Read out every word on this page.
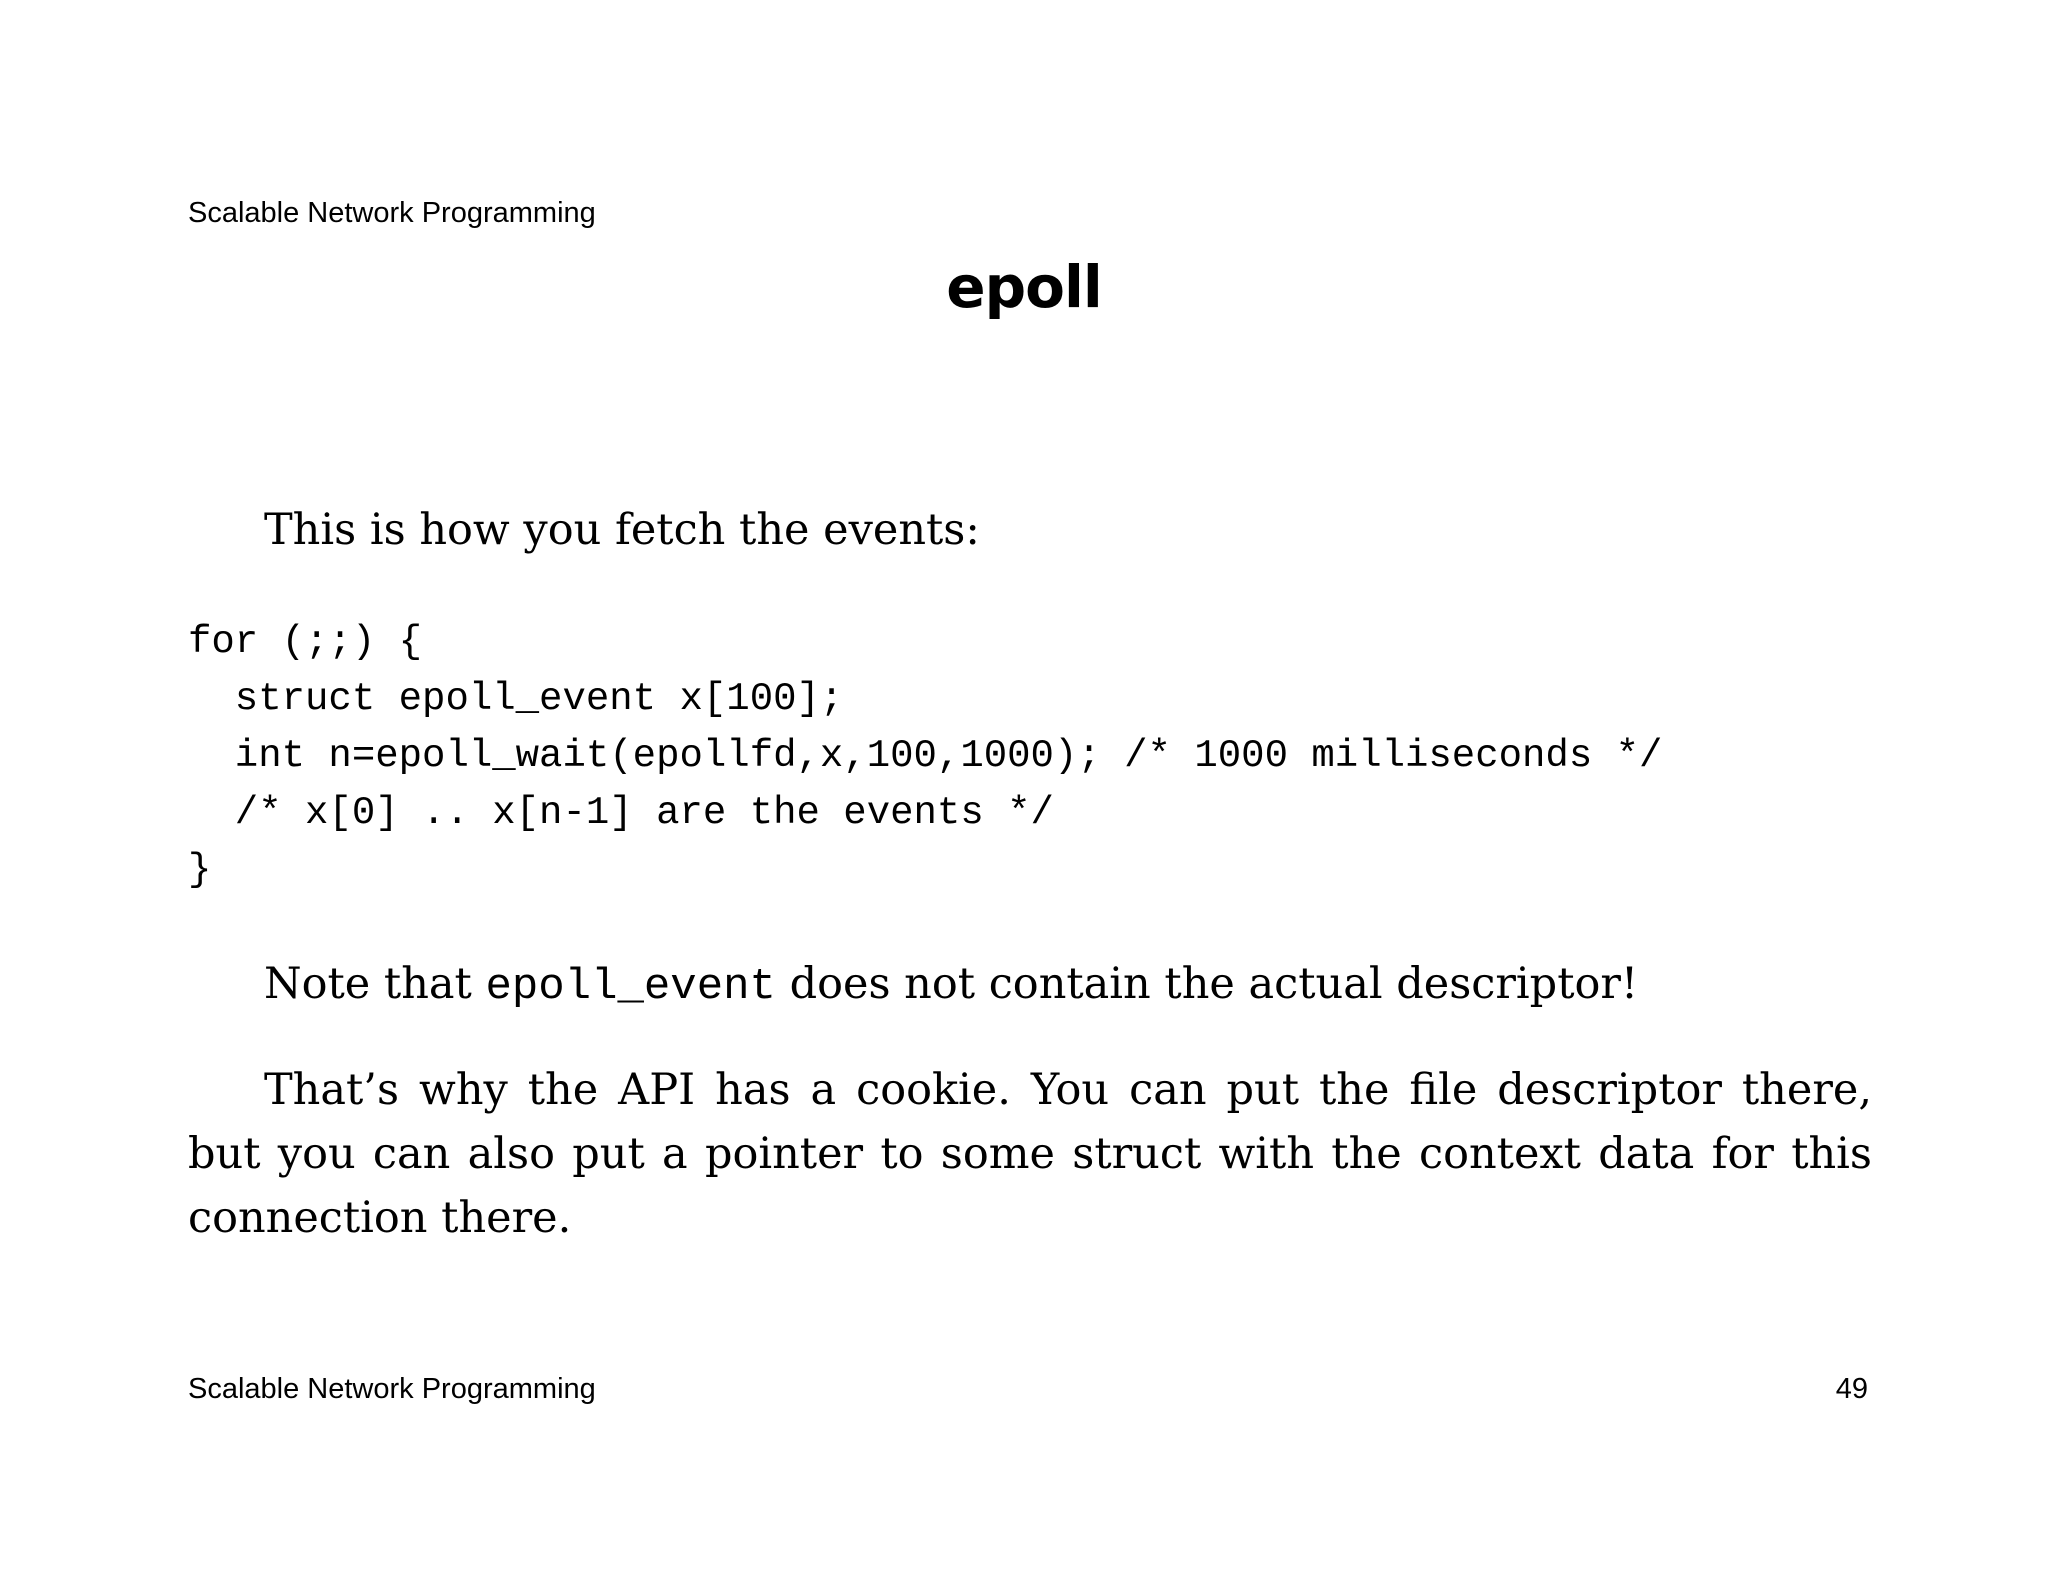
Scalable Network Programming
epoll
This is how you fetch the events:
for (;;) {
struct epoll_event x[100];
int n=epoll_wait(epollfd,x,100,1000); /* 1000 milliseconds */
/* x[0] .. x[n-1] are the events */
}
Note that epoll_event does not contain the actual descriptor!
That’s why the API has a cookie. You can put the file descriptor there, but you can also put a pointer to some struct with the context data for this connection there.
Scalable Network Programming	49
